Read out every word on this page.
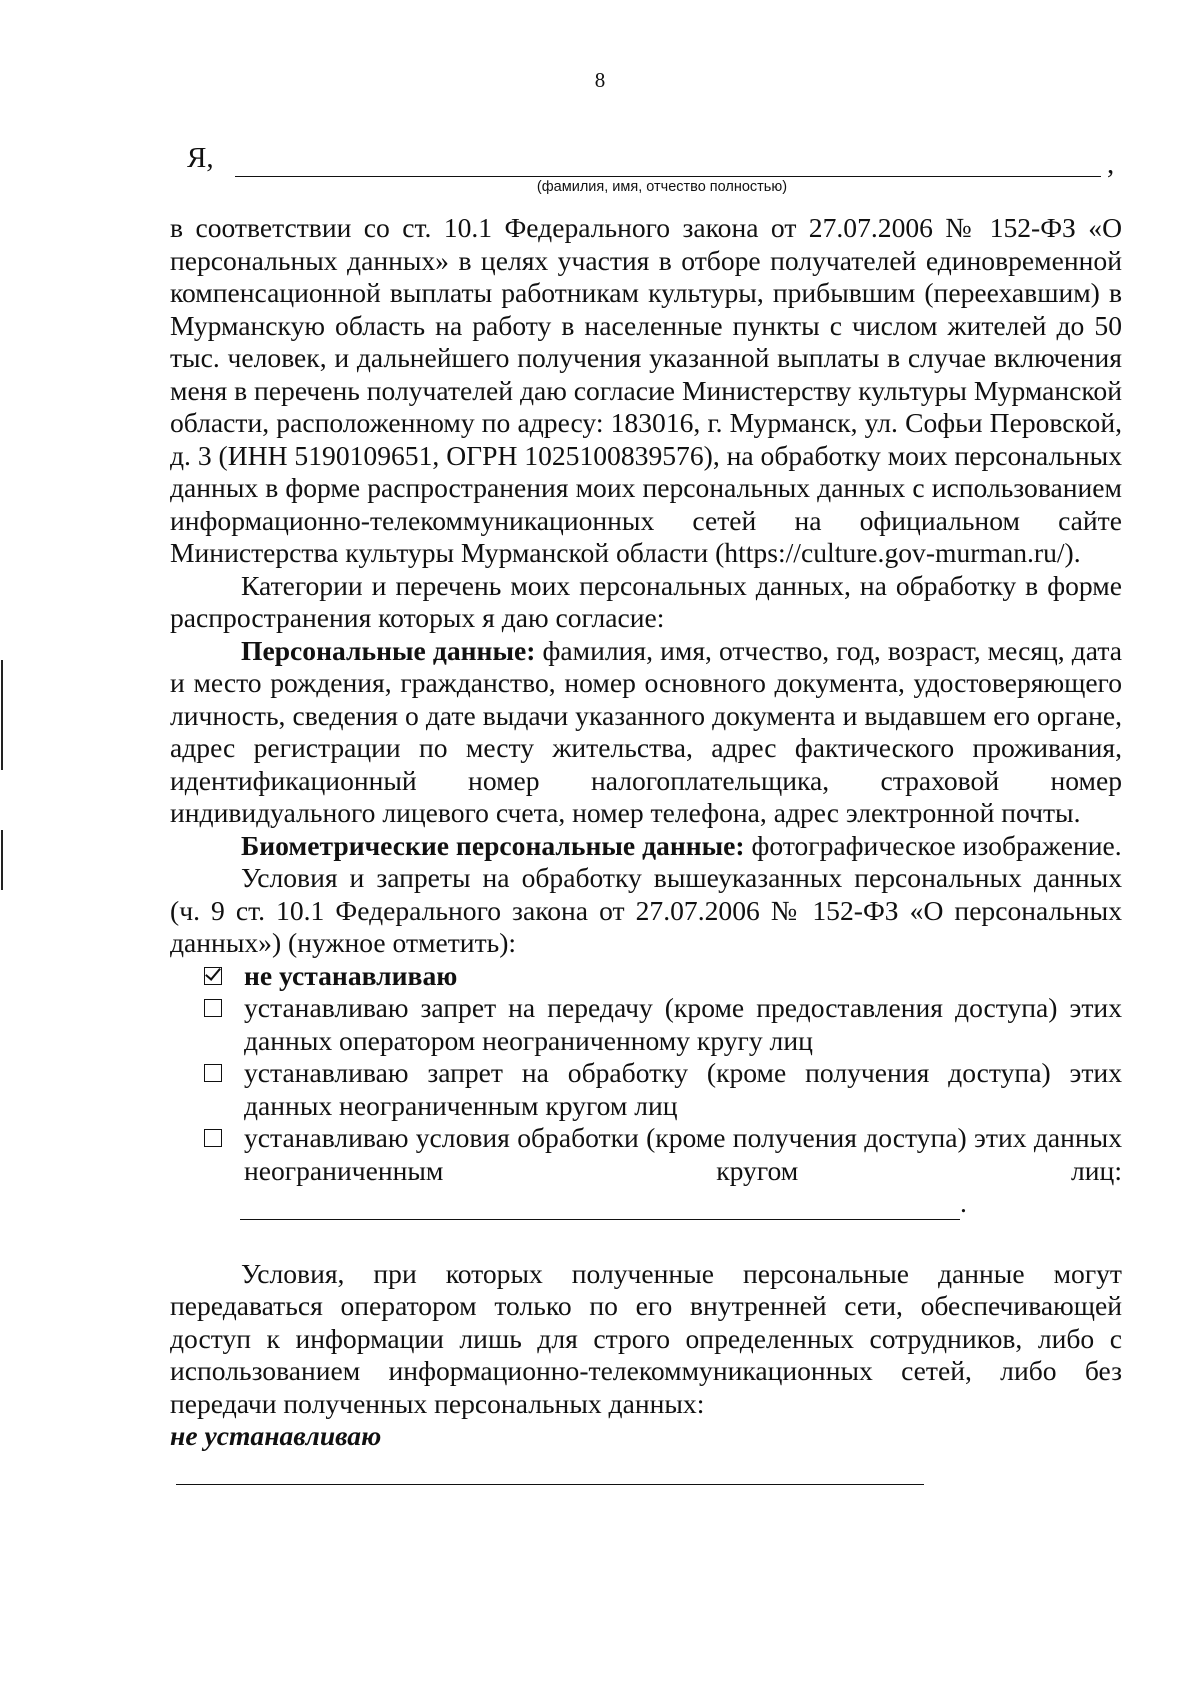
8
Я,	,
(фамилия, имя, отчество полностью)

в соответствии со ст. 10.1 Федерального закона от 27.07.2006 № 152-ФЗ «О персональных данных» в целях участия в отборе получателей единовременной компенсационной выплаты работникам культуры, прибывшим (переехавшим) в Мурманскую область на работу в населенные пункты с числом жителей до 50 тыс. человек, и дальнейшего получения указанной выплаты в случае включения меня в перечень получателей даю согласие Министерству культуры Мурманской области, расположенному по адресу: 183016, г. Мурманск, ул. Софьи Перовской, д. 3 (ИНН 5190109651, ОГРН 1025100839576), на обработку моих персональных данных в форме распространения моих персональных данных с использованием информационно-телекоммуникационных сетей на официальном сайте Министерства культуры Мурманской области (https://culture.gov-murman.ru/).

Категории и перечень моих персональных данных, на обработку в форме распространения которых я даю согласие:

Персональные данные: фамилия, имя, отчество, год, возраст, месяц, дата и место рождения, гражданство, номер основного документа, удостоверяющего личность, сведения о дате выдачи указанного документа и выдавшем его органе, адрес регистрации по месту жительства, адрес фактического проживания, идентификационный номер налогоплательщика, страховой номер индивидуального лицевого счета, номер телефона, адрес электронной почты.

Биометрические персональные данные: фотографическое изображение.

Условия и запреты на обработку вышеуказанных персональных данных (ч. 9 ст. 10.1 Федерального закона от 27.07.2006 № 152-ФЗ «О персональных данных») (нужное отметить):

не устанавливаю
устанавливаю запрет на передачу (кроме предоставления доступа) этих данных оператором неограниченному кругу лиц
устанавливаю запрет на обработку (кроме получения доступа) этих данных неограниченным кругом лиц
устанавливаю условия обработки (кроме получения доступа) этих данных неограниченным кругом лиц:
.

Условия, при которых полученные персональные данные могут передаваться оператором только по его внутренней сети, обеспечивающей доступ к информации лишь для строго определенных сотрудников, либо с использованием информационно-телекоммуникационных сетей, либо без передачи полученных персональных данных:

не устанавливаю
